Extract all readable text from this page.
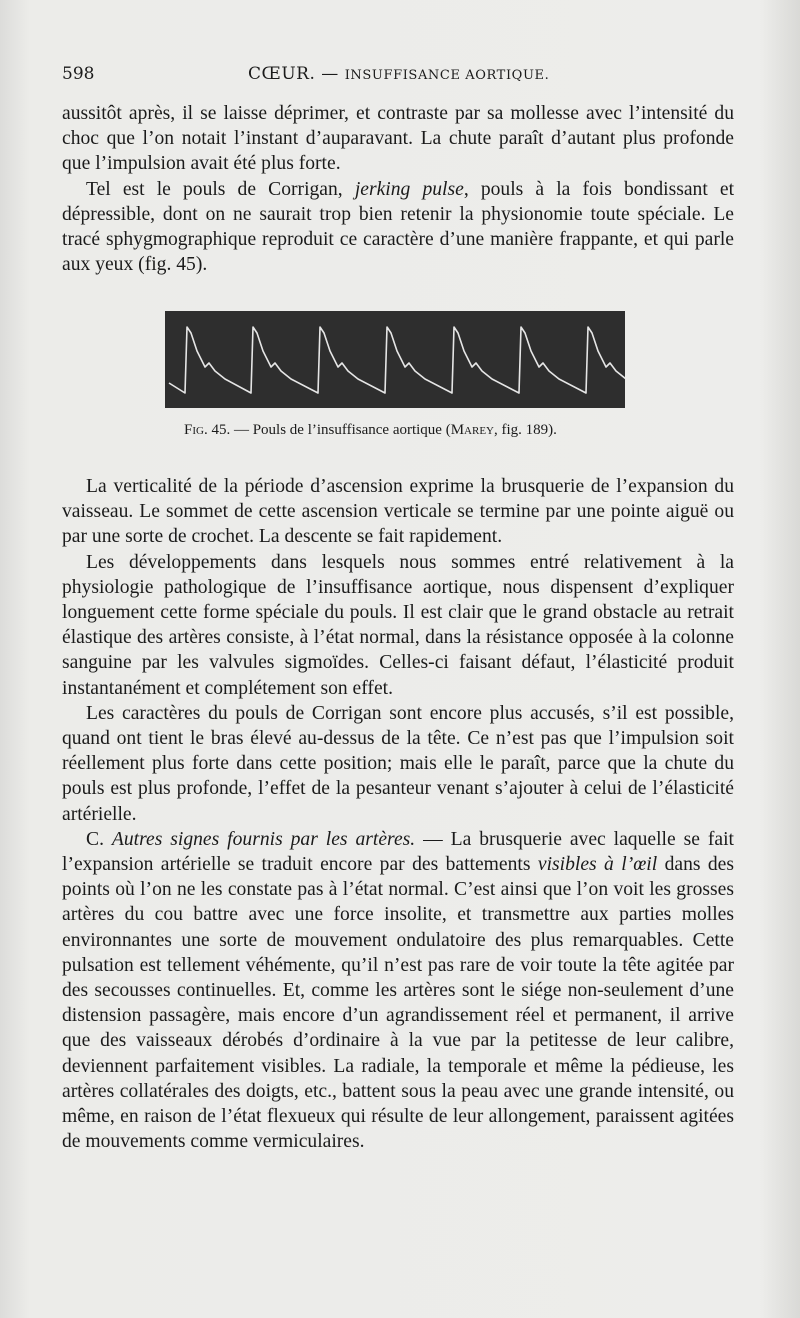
598	CŒUR. — INSUFFISANCE AORTIQUE.

aussitôt après, il se laisse déprimer, et contraste par sa mollesse avec l’intensité du choc que l’on notait l’instant d’auparavant. La chute paraît d’autant plus profonde que l’impulsion avait été plus forte.

Tel est le pouls de Corrigan, jerking pulse, pouls à la fois bondissant et dépressible, dont on ne saurait trop bien retenir la physionomie toute spéciale. Le tracé sphygmographique reproduit ce caractère d’une manière frappante, et qui parle aux yeux (fig. 45).

Fig. 45. — Pouls de l’insuffisance aortique (Marey, fig. 189).

La verticalité de la période d’ascension exprime la brusquerie de l’expansion du vaisseau. Le sommet de cette ascension verticale se termine par une pointe aiguë ou par une sorte de crochet. La descente se fait rapidement.

Les développements dans lesquels nous sommes entré relativement à la physiologie pathologique de l’insuffisance aortique, nous dispensent d’expliquer longuement cette forme spéciale du pouls. Il est clair que le grand obstacle au retrait élastique des artères consiste, à l’état normal, dans la résistance opposée à la colonne sanguine par les valvules sigmoïdes. Celles-ci faisant défaut, l’élasticité produit instantanément et complétement son effet.

Les caractères du pouls de Corrigan sont encore plus accusés, s’il est possible, quand ont tient le bras élevé au-dessus de la tête. Ce n’est pas que l’impulsion soit réellement plus forte dans cette position; mais elle le paraît, parce que la chute du pouls est plus profonde, l’effet de la pesanteur venant s’ajouter à celui de l’élasticité artérielle.

C. Autres signes fournis par les artères. — La brusquerie avec laquelle se fait l’expansion artérielle se traduit encore par des battements visibles à l’œil dans des points où l’on ne les constate pas à l’état normal. C’est ainsi que l’on voit les grosses artères du cou battre avec une force insolite, et transmettre aux parties molles environnantes une sorte de mouvement ondulatoire des plus remarquables. Cette pulsation est tellement véhémente, qu’il n’est pas rare de voir toute la tête agitée par des secousses continuelles. Et, comme les artères sont le siége non-seulement d’une distension passagère, mais encore d’un agrandissement réel et permanent, il arrive que des vaisseaux dérobés d’ordinaire à la vue par la petitesse de leur calibre, deviennent parfaitement visibles. La radiale, la temporale et même la pédieuse, les artères collatérales des doigts, etc., battent sous la peau avec une grande intensité, ou même, en raison de l’état flexueux qui résulte de leur allongement, paraissent agitées de mouvements comme vermiculaires.
